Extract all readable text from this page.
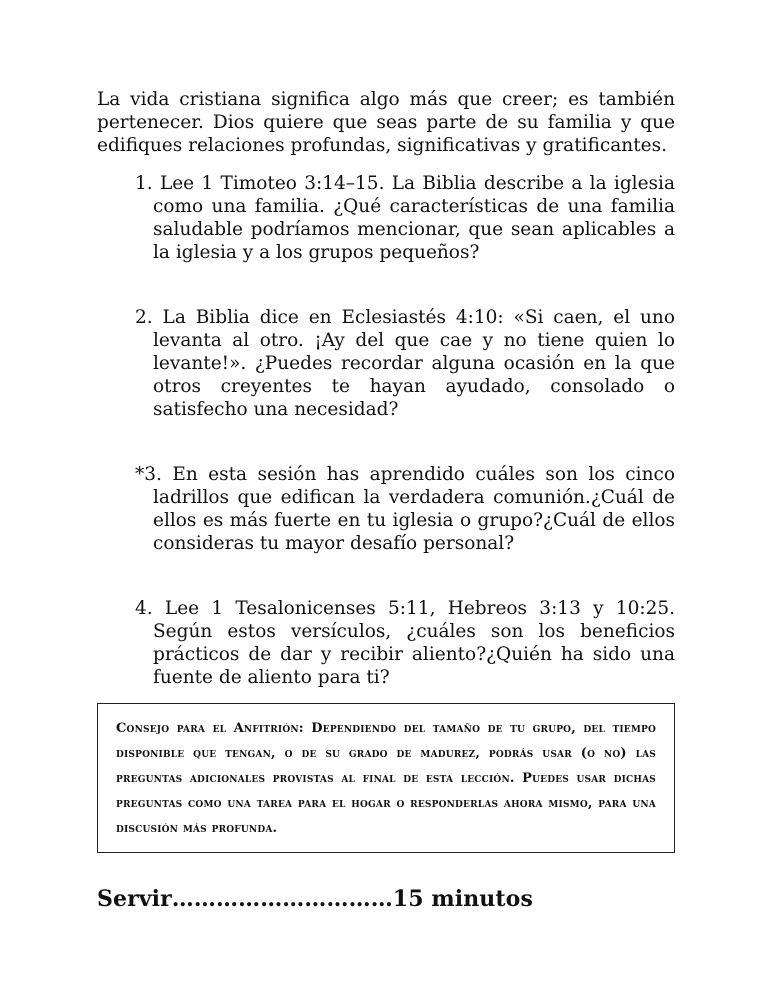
La vida cristiana significa algo más que creer; es también pertenecer. Dios quiere que seas parte de su familia y que edifiques relaciones profundas, significativas y gratificantes.

1. Lee 1 Timoteo 3:14–15. La Biblia describe a la iglesia como una familia. ¿Qué características de una familia saludable podríamos mencionar, que sean aplicables a la iglesia y a los grupos pequeños?
2. La Biblia dice en Eclesiastés 4:10: «Si caen, el uno levanta al otro. ¡Ay del que cae y no tiene quien lo levante!». ¿Puedes recordar alguna ocasión en la que otros creyentes te hayan ayudado, consolado o satisfecho una necesidad?
*3. En esta sesión has aprendido cuáles son los cinco ladrillos que edifican la verdadera comunión.¿Cuál de ellos es más fuerte en tu iglesia o grupo?¿Cuál de ellos consideras tu mayor desafío personal?
4. Lee 1 Tesalonicenses 5:11, Hebreos 3:13 y 10:25. Según estos versículos, ¿cuáles son los beneficios prácticos de dar y recibir aliento?¿Quién ha sido una fuente de aliento para ti?
Consejo para el Anfitrión: Dependiendo del tamaño de tu grupo, del tiempo disponible que tengan, o de su grado de madurez, podrás usar (o no) las preguntas adicionales provistas al final de esta lección. Puedes usar dichas preguntas como una tarea para el hogar o responderlas ahora mismo, para una discusión más profunda.
Servir…………………………15 minutos
